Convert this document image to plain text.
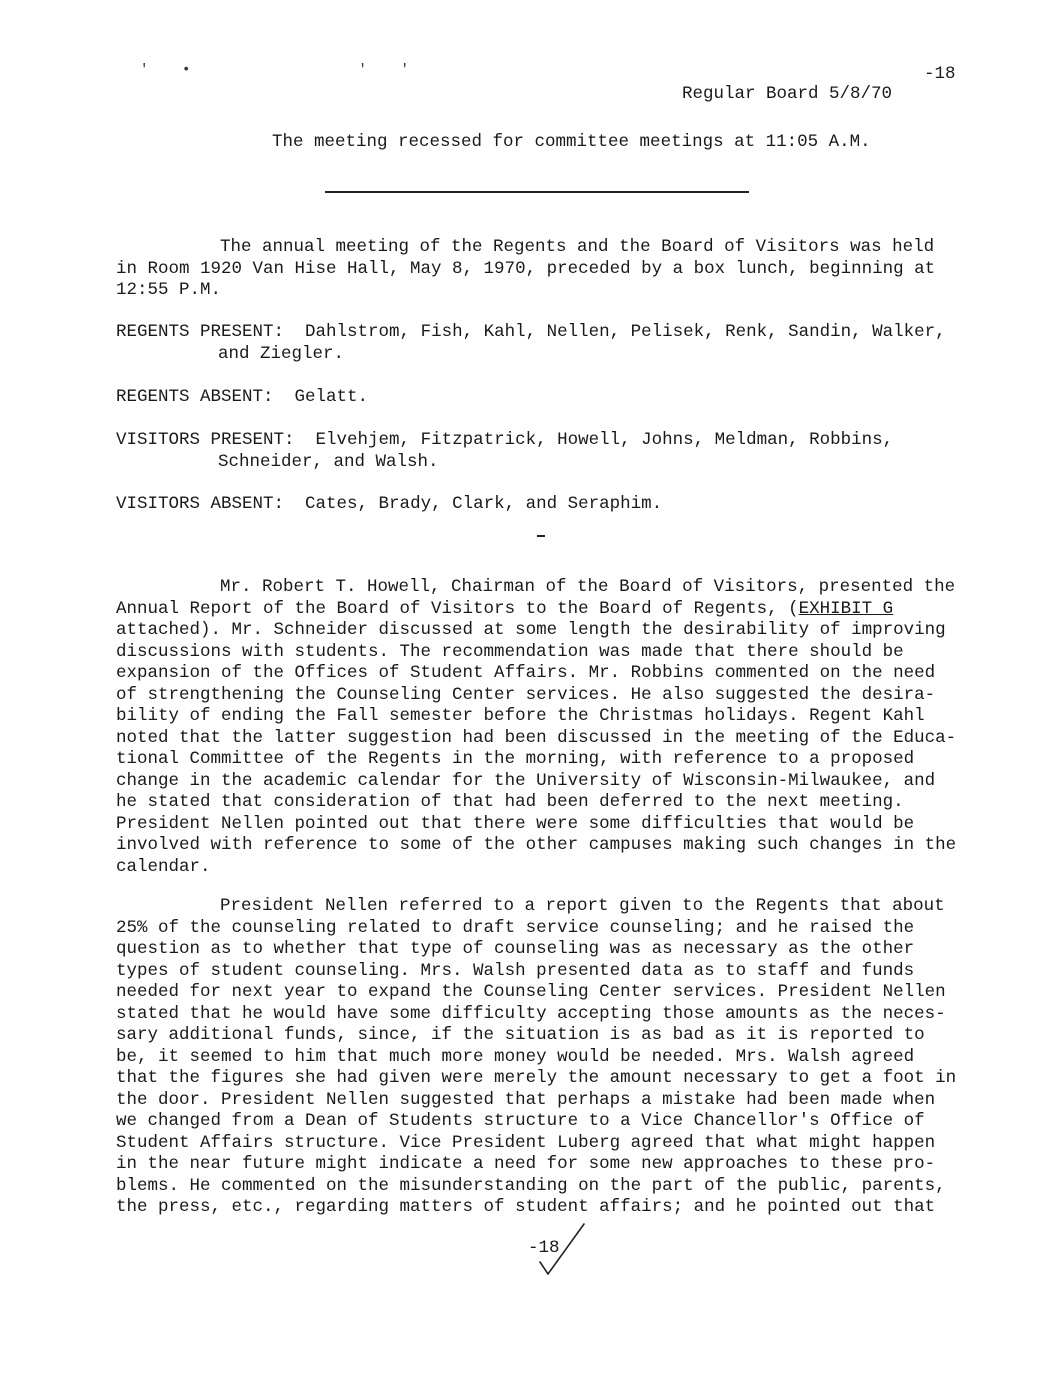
'    •                    '    '

Regular Board 5/8/70

-18

The meeting recessed for committee meetings at 11:05 A.M.
The annual meeting of the Regents and the Board of Visitors was held
in Room 1920 Van Hise Hall, May 8, 1970, preceded by a box lunch, beginning at
12:55 P.M.
REGENTS PRESENT: Dahlstrom, Fish, Kahl, Nellen, Pelisek, Renk, Sandin, Walker,
and Ziegler.
REGENTS ABSENT: Gelatt.
VISITORS PRESENT: Elvehjem, Fitzpatrick, Howell, Johns, Meldman, Robbins,
Schneider, and Walsh.
VISITORS ABSENT: Cates, Brady, Clark, and Seraphim.
Mr. Robert T. Howell, Chairman of the Board of Visitors, presented the
Annual Report of the Board of Visitors to the Board of Regents, (EXHIBIT G
attached). Mr. Schneider discussed at some length the desirability of improving
discussions with students. The recommendation was made that there should be
expansion of the Offices of Student Affairs. Mr. Robbins commented on the need
of strengthening the Counseling Center services. He also suggested the desira-
bility of ending the Fall semester before the Christmas holidays. Regent Kahl
noted that the latter suggestion had been discussed in the meeting of the Educa-
tional Committee of the Regents in the morning, with reference to a proposed
change in the academic calendar for the University of Wisconsin-Milwaukee, and
he stated that consideration of that had been deferred to the next meeting.
President Nellen pointed out that there were some difficulties that would be
involved with reference to some of the other campuses making such changes in the
calendar.
President Nellen referred to a report given to the Regents that about
25% of the counseling related to draft service counseling; and he raised the
question as to whether that type of counseling was as necessary as the other
types of student counseling. Mrs. Walsh presented data as to staff and funds
needed for next year to expand the Counseling Center services. President Nellen
stated that he would have some difficulty accepting those amounts as the neces-
sary additional funds, since, if the situation is as bad as it is reported to
be, it seemed to him that much more money would be needed. Mrs. Walsh agreed
that the figures she had given were merely the amount necessary to get a foot in
the door. President Nellen suggested that perhaps a mistake had been made when
we changed from a Dean of Students structure to a Vice Chancellor's Office of
Student Affairs structure. Vice President Luberg agreed that what might happen
in the near future might indicate a need for some new approaches to these pro-
blems. He commented on the misunderstanding on the part of the public, parents,
the press, etc., regarding matters of student affairs; and he pointed out that
-18
